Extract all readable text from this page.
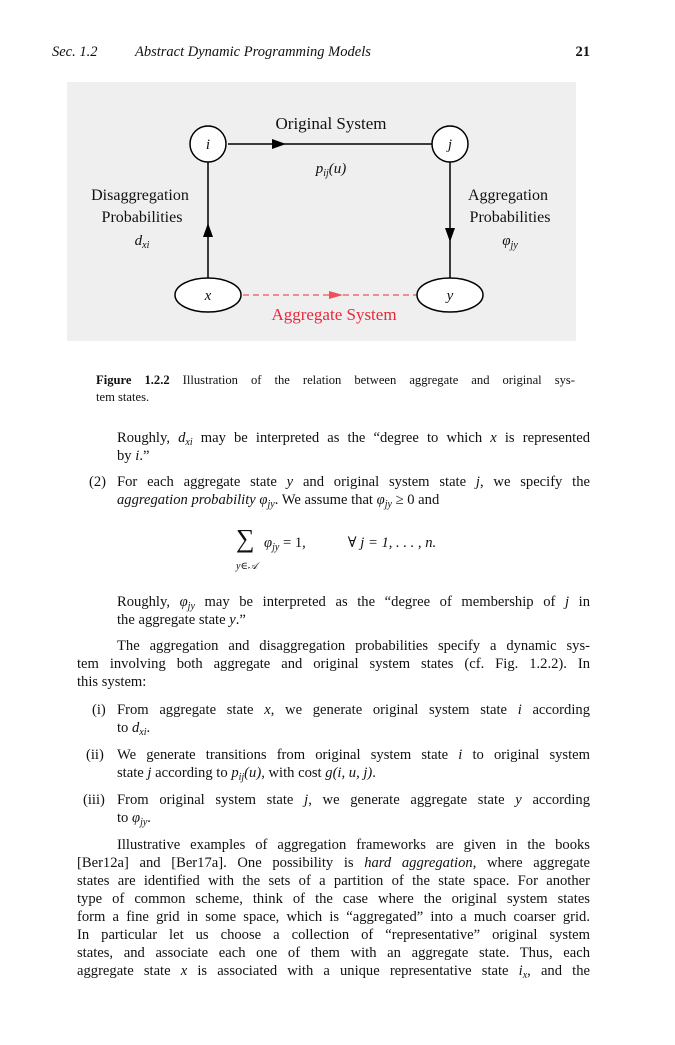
Sec. 1.2	Abstract Dynamic Programming Models	21
i	j
x	y
Original System
$p_{ij}(u)$
Disaggregation
Probabilities
$d_{xi}$
Aggregation
Probabilities
$\varphi_{jy}$
Aggregate System
Figure 1.2.2 Illustration of the relation between aggregate and original sys-
tem states.
(2)
(i)
(ii)
(iii)
∑
y∈𝒜
$\varphi_{jy} = 1$,	∀ j = 1, . . . , n.
Roughly, $d_{xi}$ may be interpreted as the “degree to which x is represented
by i.”
For each aggregate state y and original system state j, we specify the
aggregation probability $\varphi_{jy}$. We assume that $\varphi_{jy} \ge 0$ and
Roughly, $\varphi_{jy}$ may be interpreted as the “degree of membership of j in
the aggregate state y.”
The aggregation and disaggregation probabilities specify a dynamic sys-
tem involving both aggregate and original system states (cf. Fig. 1.2.2). In
this system:
From aggregate state x, we generate original system state i according
to $d_{xi}$.
We generate transitions from original system state i to original system
state j according to $p_{ij}(u)$, with cost g(i, u, j).
From original system state j, we generate aggregate state y according
to $\varphi_{jy}$.
Illustrative examples of aggregation frameworks are given in the books
[Ber12a] and [Ber17a]. One possibility is hard aggregation, where aggregate
states are identified with the sets of a partition of the state space. For another
type of common scheme, think of the case where the original system states
form a fine grid in some space, which is “aggregated” into a much coarser grid.
In particular let us choose a collection of “representative” original system
states, and associate each one of them with an aggregate state. Thus, each
aggregate state x is associated with a unique representative state $i_x$, and the
